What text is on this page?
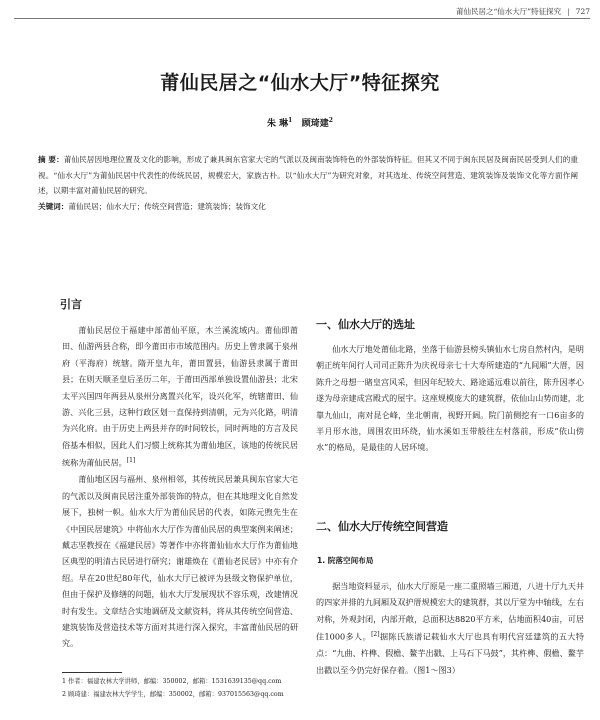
莆仙民居之“仙水大厅”特征探究 | 727
莆仙民居之“仙水大厅”特征探究
朱 琳$^1$ 顾琦建$^2$

摘 要：莆仙民居因地理位置及文化的影响，形成了兼具闽东官家大宅的气派以及闽南装饰特色的外部装饰特征。但其又不同于闽东民居及闽南民居受到人们的重视。“仙水大厅”为莆仙民居中代表性的传统民居，规模宏大，家族古朴。以“仙水大厅”为研究对象，对其选址、传统空间营造、建筑装饰及装饰文化等方面作阐述，以期丰富对莆仙民居的研究。

关键词：莆仙民居；仙水大厅；传统空间营造；建筑装饰；装饰文化

引言

莆仙民居位于福建中部莆仙平原，木兰溪流域内。莆仙即莆田、仙游两县合称，即今莆田市市域范围内。历史上曾隶属于泉州府（平海府）统辖。隋开皇九年，莆田置县，仙游县隶属于莆田县；在则天顺圣皇后圣历二年，于莆田西部单独设置仙游县；北宋太平兴国四年两县从泉州分离置兴化军，设兴化军，统辖莆田、仙游、兴化三县，这种行政区划一直保持到清朝，元为兴化路，明清为兴化府。由于历史上两县并存的时间较长，同时两地的方言及民俗基本相似，因此人们习惯上统称其为莆仙地区，该地的传统民居统称为莆仙民居。[1]

莆仙地区因与福州、泉州相邻，其传统民居兼具闽东官家大宅的气派以及闽南民居注重外部装饰的特点，但在其地理文化自然发展下，独树一帜。仙水大厅为莆仙民居的代表，如陈元煦先生在《中国民居建筑》中将仙水大厅作为莆仙民居的典型案例来阐述；戴志坚教授在《福建民居》等著作中亦将莆仙仙水大厅作为莆仙地区典型的明清古民居进行研究；谢雄焕在《莆仙老民居》中亦有介绍。早在20世纪80年代，仙水大厅已被评为县级文物保护单位，但由于保护及修缮的问题，仙水大厅发展现状不容乐观，改建情况时有发生。文章结合实地调研及文献资料，将从其传统空间营造、建筑装饰及营造技术等方面对其进行深入探究，丰富莆仙民居的研究。

一、仙水大厅的选址

仙水大厅地处莆仙北路，坐落于仙游县榜头镇仙水七房自然村内，是明朝正统年间行人司司正陈升为庆祝母亲七十大寿所建造的“九间厢”大厝，因陈升之母想一睹皇宫风采，但因年纪较大、路途遥远难以前往，陈升因孝心遂为母亲建成宫殿式的屋宇。这座规模庞大的建筑群，依仙山山势而建，北靠九仙山，南对昆仑峰，坐北朝南，视野开阔。院门前侧挖有一口6亩多的半月形水池，周围农田环绕，仙水溪如玉带般往左村落前，形成“依山傍水”的格局，是最佳的人居环境。

二、仙水大厅传统空间营造
1. 院落空间布局

据当地资料显示，仙水大厅原是一座二重照墙三厢道，八进十厅九天井的四家并排的九间厢及双护厝规模宏大的建筑群，其以厅堂为中轴线，左右对称，外观封闭，内部开敞，总面积达8820平方米，佔地面积40亩，可居住1000多人。[2]据陈氏族谱记载仙水大厅也具有明代宫廷建筑的五大特点：“九曲、杵榫、假檐、鳌芋出戳、上马石下马鼓”，其杵榫、假檐、鳌芋出戳以至今仍完好保存着。（图1～图3）

1 作者：福建农林大学讲师，邮编：350002，邮箱：1531639135@qq.com
2 顾琦建：福建农林大学学生，邮编：350002，邮箱：937015563@qq.com
